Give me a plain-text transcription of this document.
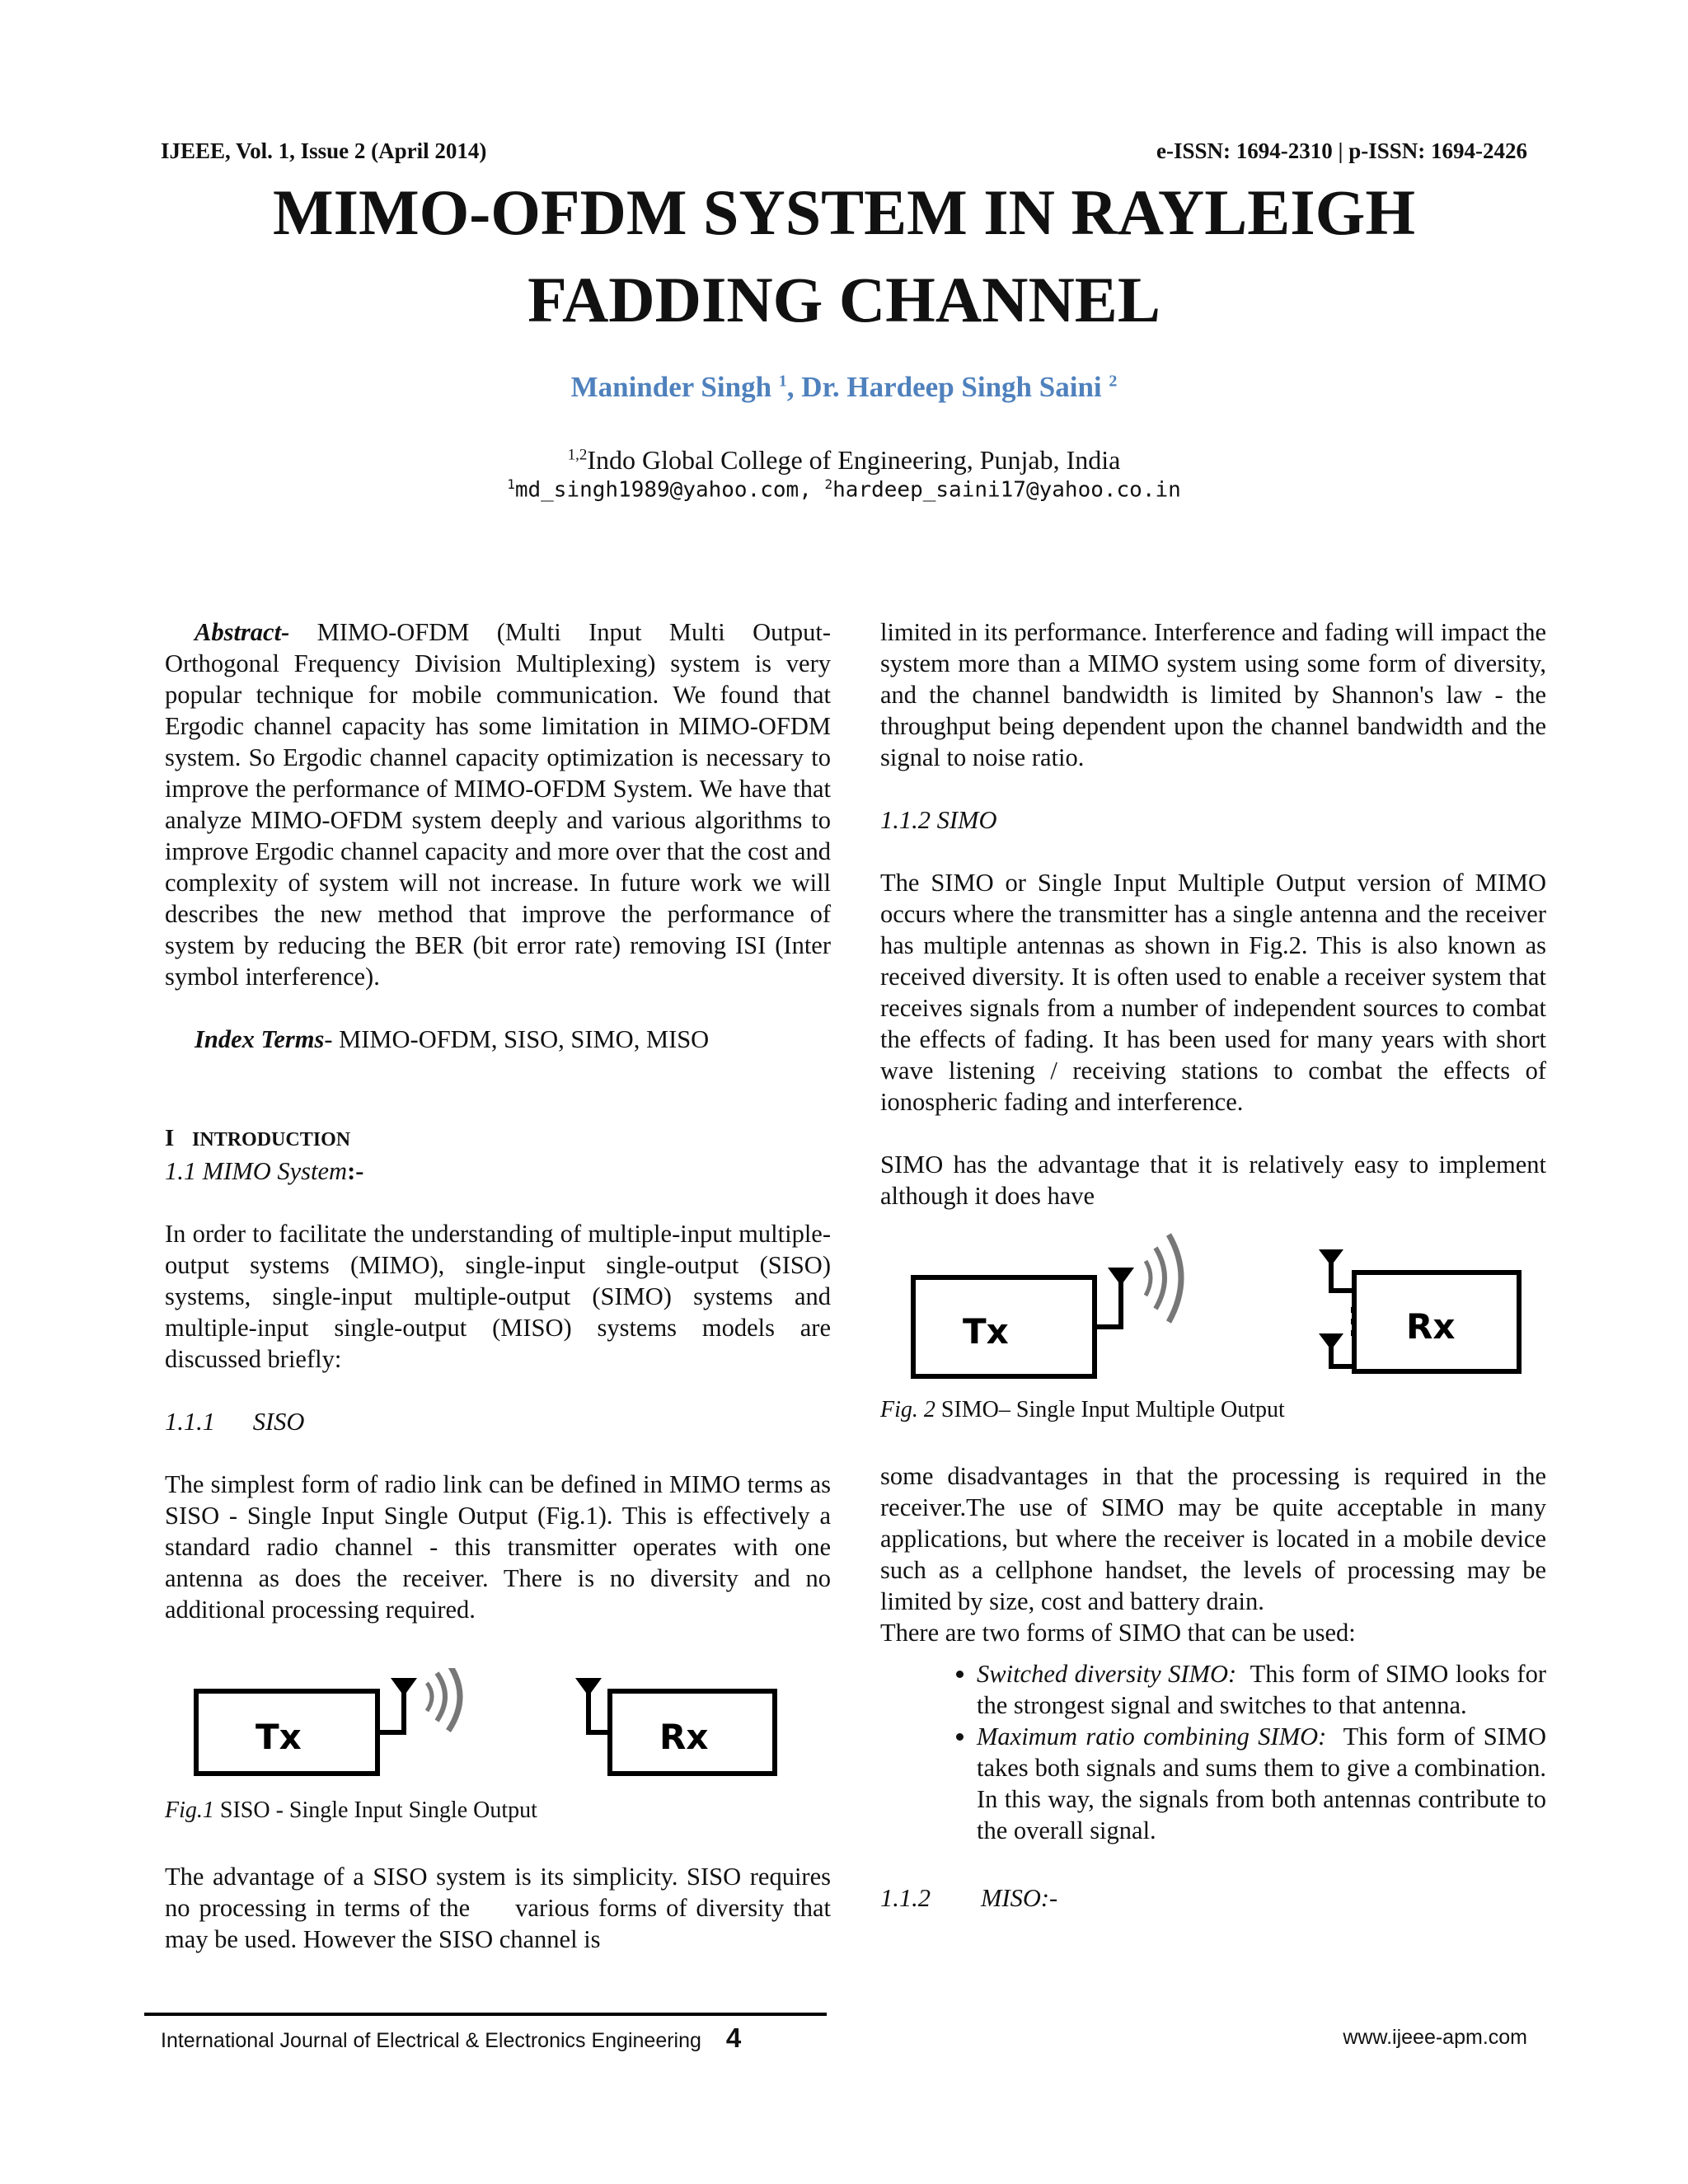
IJEEE, Vol. 1, Issue 2 (April 2014)	e-ISSN: 1694-2310 | p-ISSN: 1694-2426
MIMO-OFDM SYSTEM IN RAYLEIGH
FADDING CHANNEL
Maninder Singh $^1$, Dr. Hardeep Singh Saini $^2$
$^{1,2}$Indo Global College of Engineering, Punjab, India
$^1$md_singh1989@yahoo.com, $^2$hardeep_saini17@yahoo.co.in

Abstract- MIMO-OFDM (Multi Input Multi Output-Orthogonal Frequency Division Multiplexing) system is very popular technique for mobile communication. We found that Ergodic channel capacity has some limitation in MIMO-OFDM system. So Ergodic channel capacity optimization is necessary to improve the performance of MIMO-OFDM System. We have that analyze MIMO-OFDM system deeply and various algorithms to improve Ergodic channel capacity and more over that the cost and complexity of system will not increase. In future work we will describes the new method that improve the performance of system by reducing the BER (bit error rate) removing ISI (Inter symbol interference).

Index Terms- MIMO-OFDM, SISO, SIMO, MISO

I INTRODUCTION

1.1 MIMO System:-

In order to facilitate the understanding of multiple-input multiple-output systems (MIMO), single-input single-output (SISO) systems, single-input multiple-output (SIMO) systems and multiple-input single-output (MISO) systems models are discussed briefly:

1.1.1      SISO

The simplest form of radio link can be defined in MIMO terms as SISO - Single Input Single Output (Fig.1). This is effectively a standard radio channel - this transmitter operates with one antenna as does the receiver. There is no diversity and no additional processing required.

Tx	Rx

Fig.1 SISO - Single Input Single Output

The advantage of a SISO system is its simplicity. SISO requires no processing in terms of the     various forms of diversity that may be used. However the SISO channel is

limited in its performance. Interference and fading will impact the system more than a MIMO system using some form of diversity, and the channel bandwidth is limited by Shannon's law - the throughput being dependent upon the channel bandwidth and the signal to noise ratio.

1.1.2 SIMO

The SIMO or Single Input Multiple Output version of MIMO occurs where the transmitter has a single antenna and the receiver has multiple antennas as shown in Fig.2. This is also known as received diversity. It is often used to enable a receiver system that receives signals from a number of independent sources to combat the effects of fading. It has been used for many years with short wave listening / receiving stations to combat the effects of ionospheric fading and interference.

SIMO has the advantage that it is relatively easy to implement although it does have

Tx	Rx

Fig. 2 SIMO– Single Input Multiple Output

some disadvantages in that the processing is required in the receiver.The use of SIMO may be quite acceptable in many applications, but where the receiver is located in a mobile device such as a cellphone handset, the levels of processing may be limited by size, cost and battery drain.

There are two forms of SIMO that can be used:

• Switched diversity SIMO:  This form of SIMO looks for the strongest signal and switches to that antenna.
• Maximum ratio combining SIMO:  This form of SIMO takes both signals and sums them to give a combination. In this way, the signals from both antennas contribute to the overall signal.

1.1.2        MISO:-

International Journal of Electrical & Electronics Engineering 4	www.ijeee-apm.com
